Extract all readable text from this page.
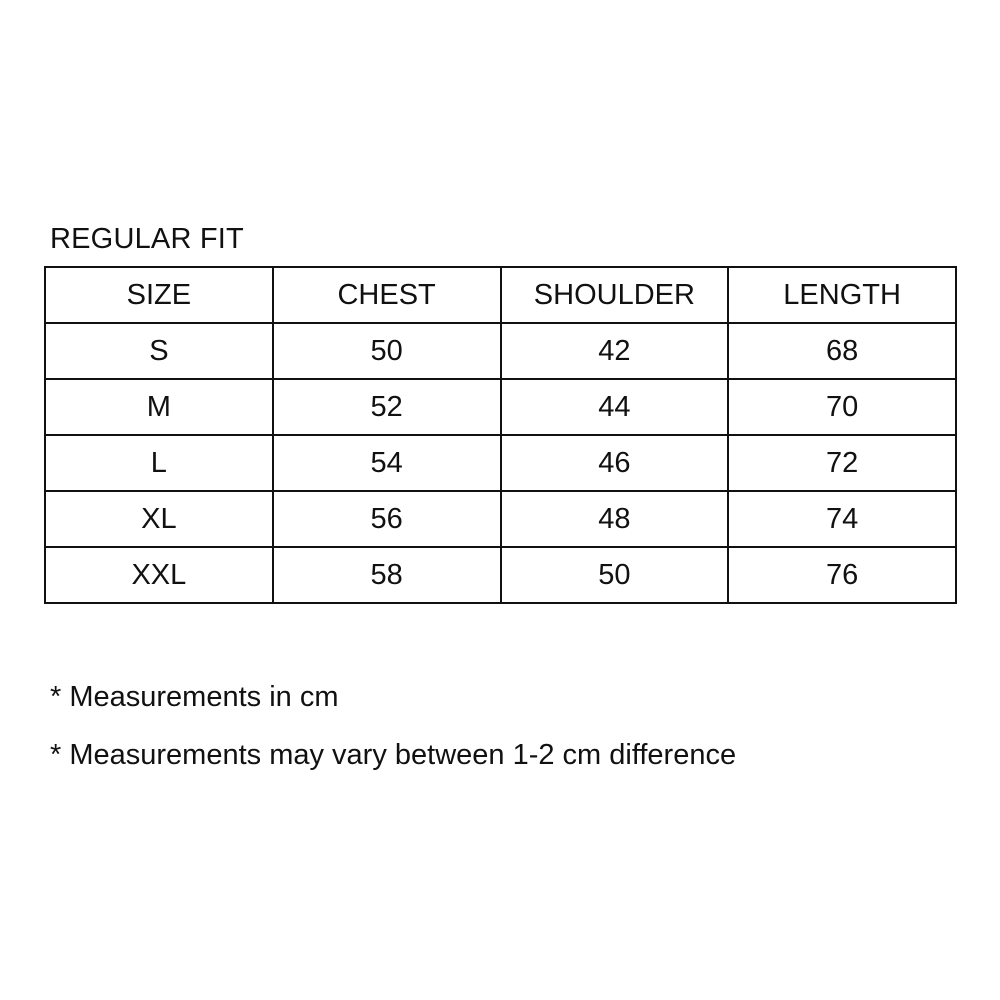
REGULAR FIT
SIZE	CHEST	SHOULDER	LENGTH
S	50	42	68
M	52	44	70
L	54	46	72
XL	56	48	74
XXL	58	50	76
* Measurements in cm
* Measurements may vary between 1-2 cm difference
